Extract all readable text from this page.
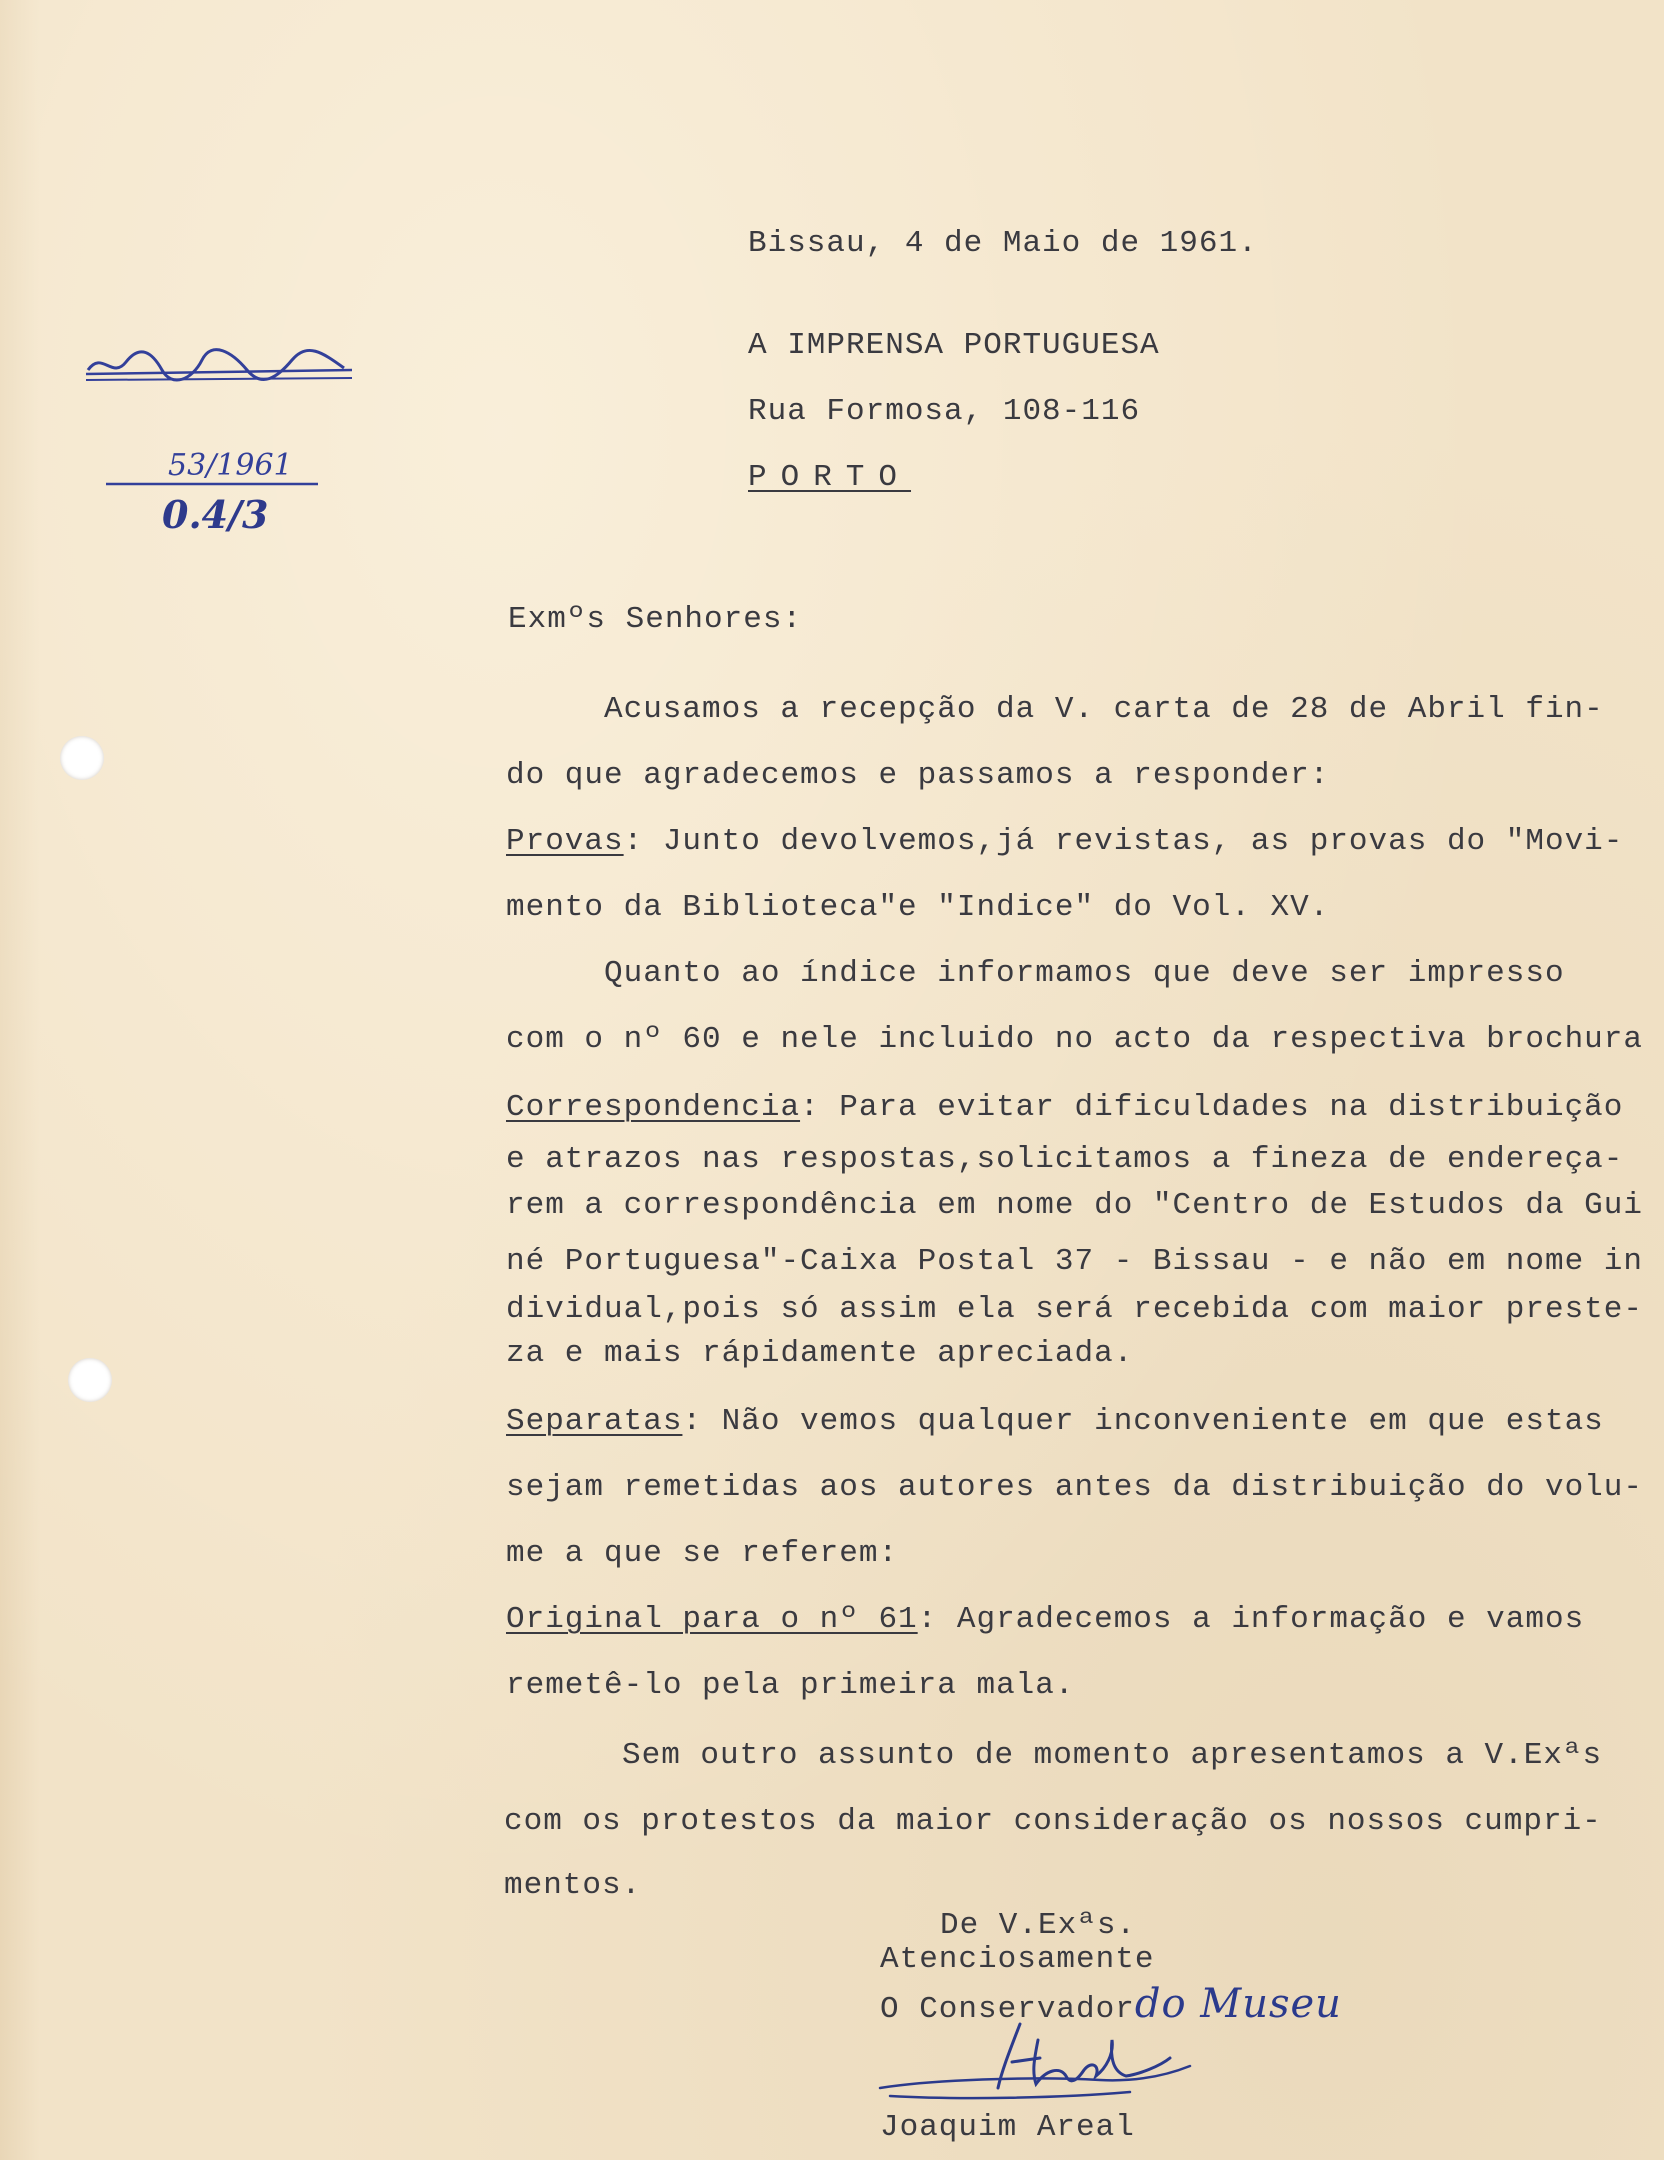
Bissau, 4 de Maio de 1961.
A IMPRENSA PORTUGUESA
Rua Formosa, 108-116
PORTO
53/1961
0.4/3
Exmºs Senhores:
Acusamos a recepção da V. carta de 28 de Abril fin-
do que agradecemos e passamos a responder:
Provas: Junto devolvemos,já revistas, as provas do "Movi-
mento da Biblioteca"e "Indice" do Vol. XV.
Quanto ao índice informamos que deve ser impresso
com o nº 60 e nele incluido no acto da respectiva brochura
Correspondencia: Para evitar dificuldades na distribuição
e atrazos nas respostas,solicitamos a fineza de endereça-
rem a correspondência em nome do "Centro de Estudos da Gui
né Portuguesa"-Caixa Postal 37 - Bissau - e não em nome in
dividual,pois só assim ela será recebida com maior preste-
za e mais rápidamente apreciada.
Separatas: Não vemos qualquer inconveniente em que estas
sejam remetidas aos autores antes da distribuição do volu-
me a que se referem:
Original para o nº 61: Agradecemos a informação e vamos
remetê-lo pela primeira mala.
Sem outro assunto de momento apresentamos a V.Exªs
com os protestos da maior consideração os nossos cumpri-
mentos.
De V.Exªs.
Atenciosamente
O Conservadordo Museu
Joaquim Areal
